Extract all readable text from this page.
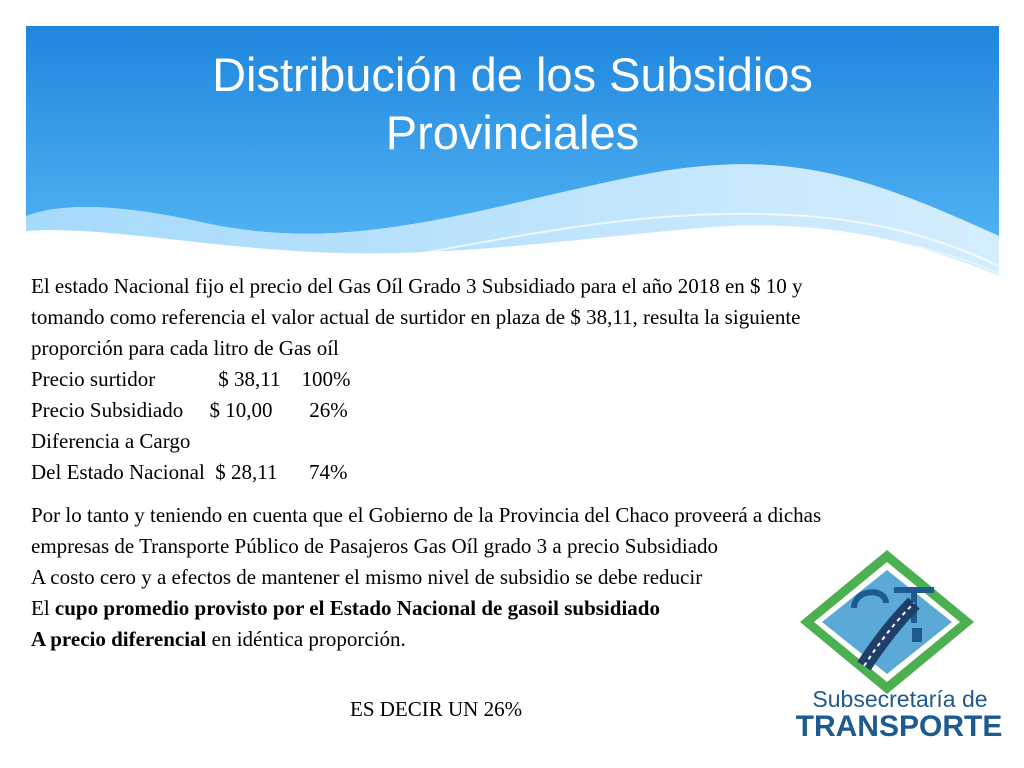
Distribución de los Subsidios
Provinciales

El estado Nacional fijo el precio del Gas Oíl Grado 3 Subsidiado para el año 2018 en $ 10 y

tomando como referencia el valor actual de surtidor en plaza de $ 38,11, resulta la siguiente

proporción para cada litro de Gas oíl

Precio surtidor            $ 38,11    100%

Precio Subsidiado     $ 10,00       26%

Diferencia a Cargo

Del Estado Nacional  $ 28,11      74%

Por lo tanto y teniendo en cuenta que el Gobierno de la Provincia del Chaco proveerá a dichas

empresas de Transporte Público de Pasajeros Gas Oíl grado 3 a precio Subsidiado

A costo cero y a efectos de mantener el mismo nivel de subsidio se debe reducir

El cupo promedio provisto por el Estado Nacional de gasoil subsidiado

A precio diferencial en idéntica proporción.

ES DECIR UN 26%	Subsecretaría de
TRANSPORTE
